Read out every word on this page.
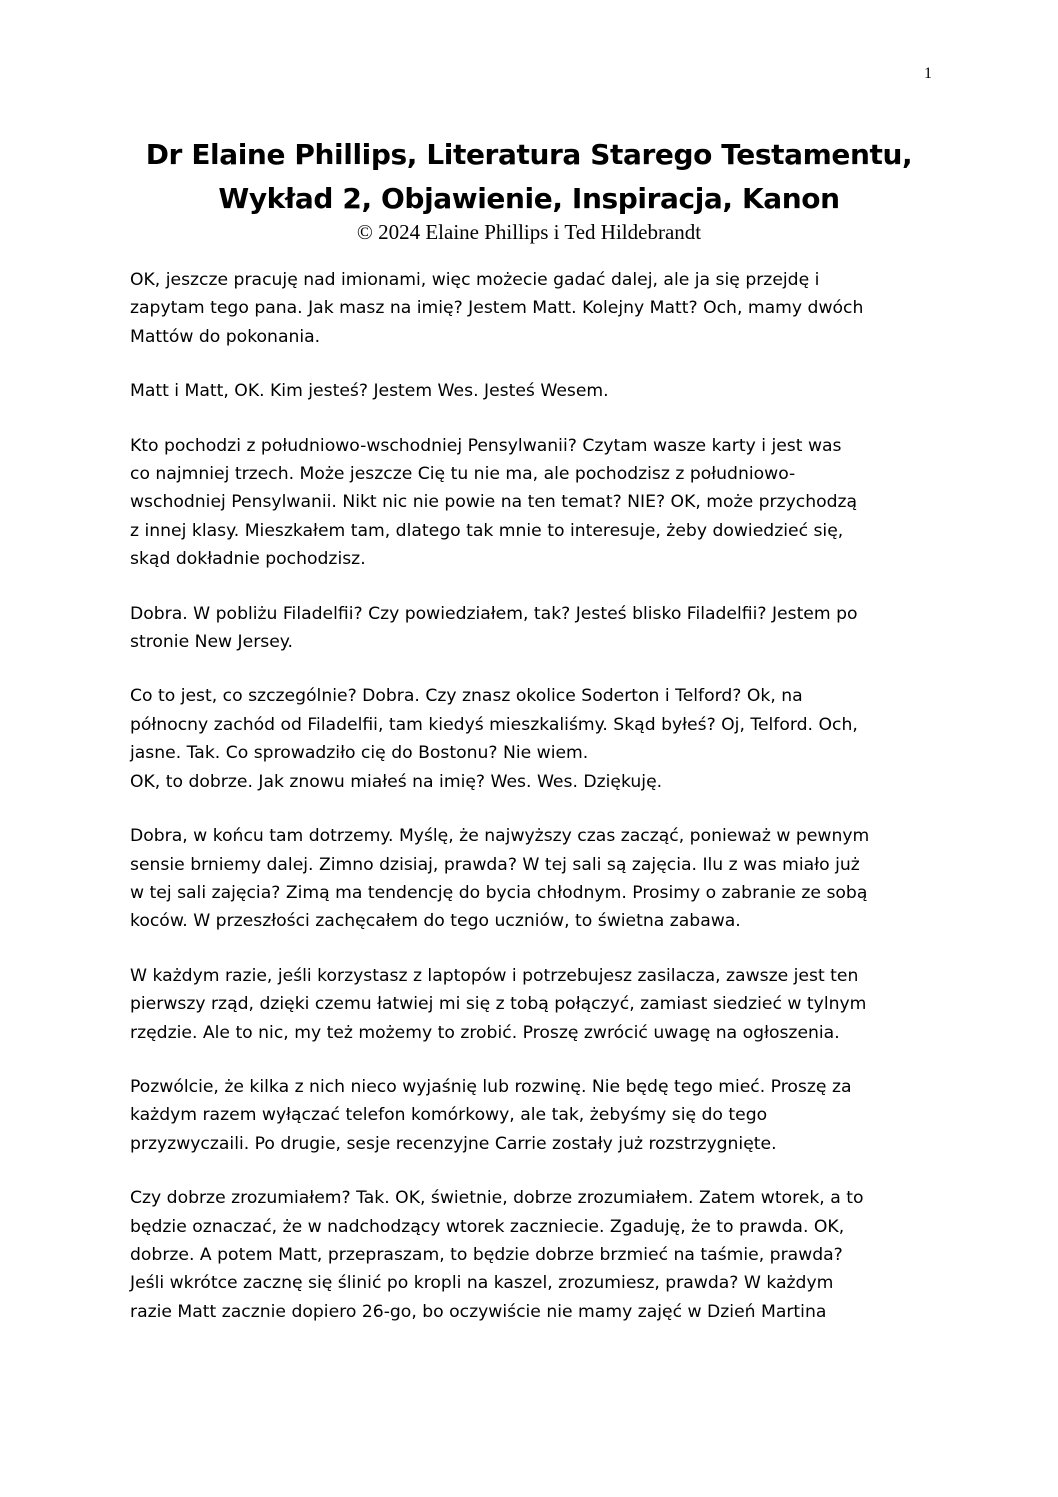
1
Dr Elaine Phillips, Literatura Starego Testamentu,
Wykład 2, Objawienie, Inspiracja, Kanon
© 2024 Elaine Phillips i Ted Hildebrandt
OK, jeszcze pracuję nad imionami, więc możecie gadać dalej, ale ja się przejdę i
zapytam tego pana. Jak masz na imię? Jestem Matt. Kolejny Matt? Och, mamy dwóch
Mattów do pokonania.
Matt i Matt, OK. Kim jesteś? Jestem Wes. Jesteś Wesem.
Kto pochodzi z południowo-wschodniej Pensylwanii? Czytam wasze karty i jest was
co najmniej trzech. Może jeszcze Cię tu nie ma, ale pochodzisz z południowo-
wschodniej Pensylwanii. Nikt nic nie powie na ten temat? NIE? OK, może przychodzą
z innej klasy. Mieszkałem tam, dlatego tak mnie to interesuje, żeby dowiedzieć się,
skąd dokładnie pochodzisz.
Dobra. W pobliżu Filadelfii? Czy powiedziałem, tak? Jesteś blisko Filadelfii? Jestem po
stronie New Jersey.
Co to jest, co szczególnie? Dobra. Czy znasz okolice Soderton i Telford? Ok, na
północny zachód od Filadelfii, tam kiedyś mieszkaliśmy. Skąd byłeś? Oj, Telford. Och,
jasne. Tak. Co sprowadziło cię do Bostonu? Nie wiem.
OK, to dobrze. Jak znowu miałeś na imię? Wes. Wes. Dziękuję.
Dobra, w końcu tam dotrzemy. Myślę, że najwyższy czas zacząć, ponieważ w pewnym
sensie brniemy dalej. Zimno dzisiaj, prawda? W tej sali są zajęcia. Ilu z was miało już
w tej sali zajęcia? Zimą ma tendencję do bycia chłodnym. Prosimy o zabranie ze sobą
koców. W przeszłości zachęcałem do tego uczniów, to świetna zabawa.
W każdym razie, jeśli korzystasz z laptopów i potrzebujesz zasilacza, zawsze jest ten
pierwszy rząd, dzięki czemu łatwiej mi się z tobą połączyć, zamiast siedzieć w tylnym
rzędzie. Ale to nic, my też możemy to zrobić. Proszę zwrócić uwagę na ogłoszenia.
Pozwólcie, że kilka z nich nieco wyjaśnię lub rozwinę. Nie będę tego mieć. Proszę za
każdym razem wyłączać telefon komórkowy, ale tak, żebyśmy się do tego
przyzwyczaili. Po drugie, sesje recenzyjne Carrie zostały już rozstrzygnięte.
Czy dobrze zrozumiałem? Tak. OK, świetnie, dobrze zrozumiałem. Zatem wtorek, a to
będzie oznaczać, że w nadchodzący wtorek zaczniecie. Zgaduję, że to prawda. OK,
dobrze. A potem Matt, przepraszam, to będzie dobrze brzmieć na taśmie, prawda?
Jeśli wkrótce zacznę się ślinić po kropli na kaszel, zrozumiesz, prawda? W każdym
razie Matt zacznie dopiero 26-go, bo oczywiście nie mamy zajęć w Dzień Martina
